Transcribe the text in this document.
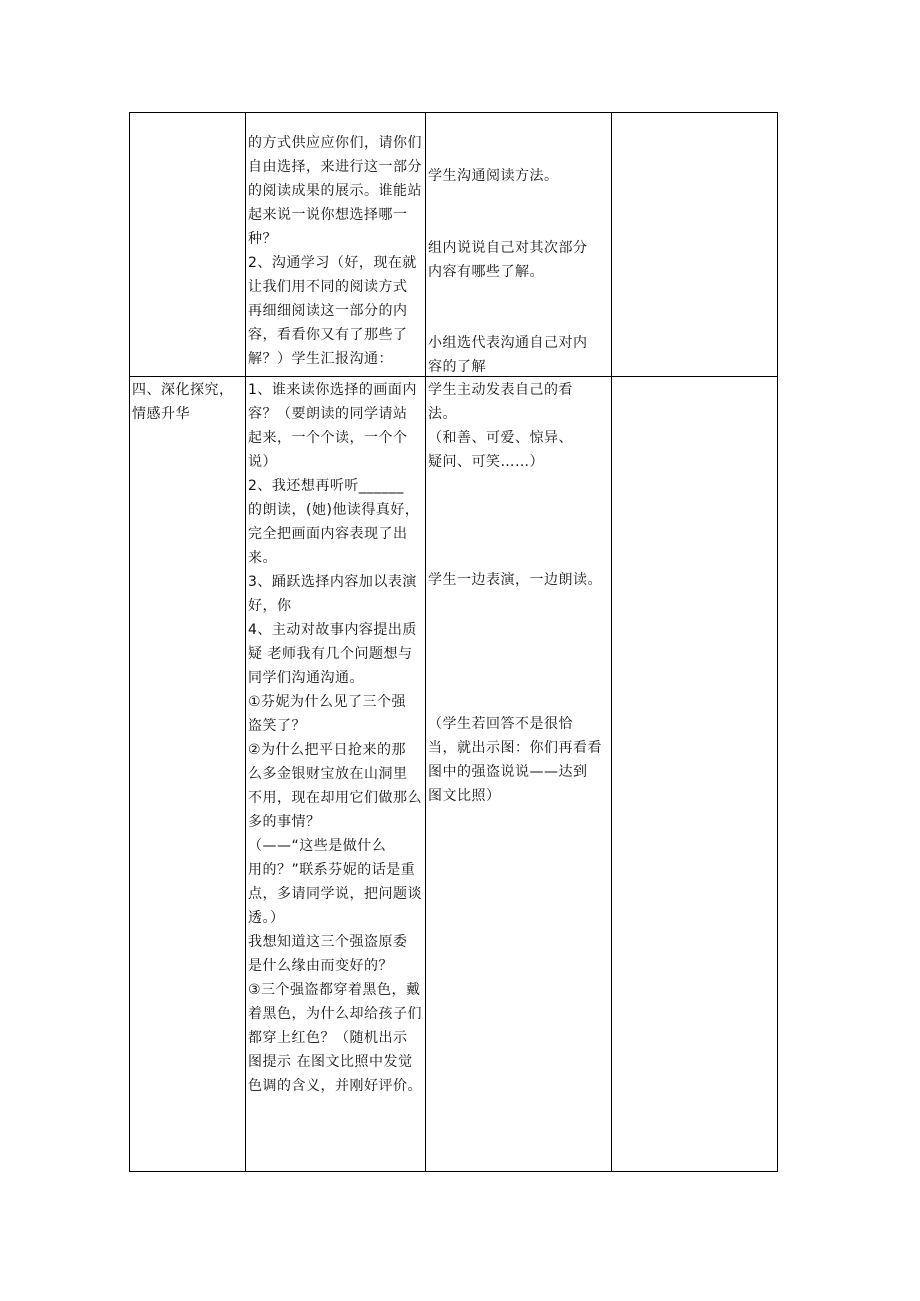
的方式供应应你们，请你们

自由选择，来进行这一部分

的阅读成果的展示。谁能站

起来说一说你想选择哪一

种？

2、沟通学习（好，现在就

让我们用不同的阅读方式

再细细阅读这一部分的内

容，看看你又有了那些了

解？）学生汇报沟通：

学生沟通阅读方法。

组内说说自己对其次部分

内容有哪些了解。

小组选代表沟通自己对内

容的了解

四、深化探究，

情感升华

1、谁来读你选择的画面内

容？（要朗读的同学请站

起来，一个个读，一个个说）

2、我还想再听听______

的朗读，(她)他读得真好，

完全把画面内容表现了出

来。

3、踊跃选择内容加以表演

好，你

4、主动对故事内容提出质

疑 老师我有几个问题想与

同学们沟通沟通。

①芬妮为什么见了三个强

盗笑了？

②为什么把平日抢来的那

么多金银财宝放在山洞里

不用，现在却用它们做那么

多的事情？

（——“这些是做什么

用的？”联系芬妮的话是重

点，多请同学说，把问题谈

透。）

我想知道这三个强盗原委

是什么缘由而变好的？

③三个强盗都穿着黑色，戴

着黑色，为什么却给孩子们

都穿上红色？（随机出示

图提示 在图文比照中发觉

色调的含义，并刚好评价。

学生主动发表自己的看

法。

（和善、可爱、惊异、

疑问、可笑……）

学生一边表演，一边朗读。

（学生若回答不是很恰

当，就出示图：你们再看看

图中的强盗说说——达到

图文比照）
